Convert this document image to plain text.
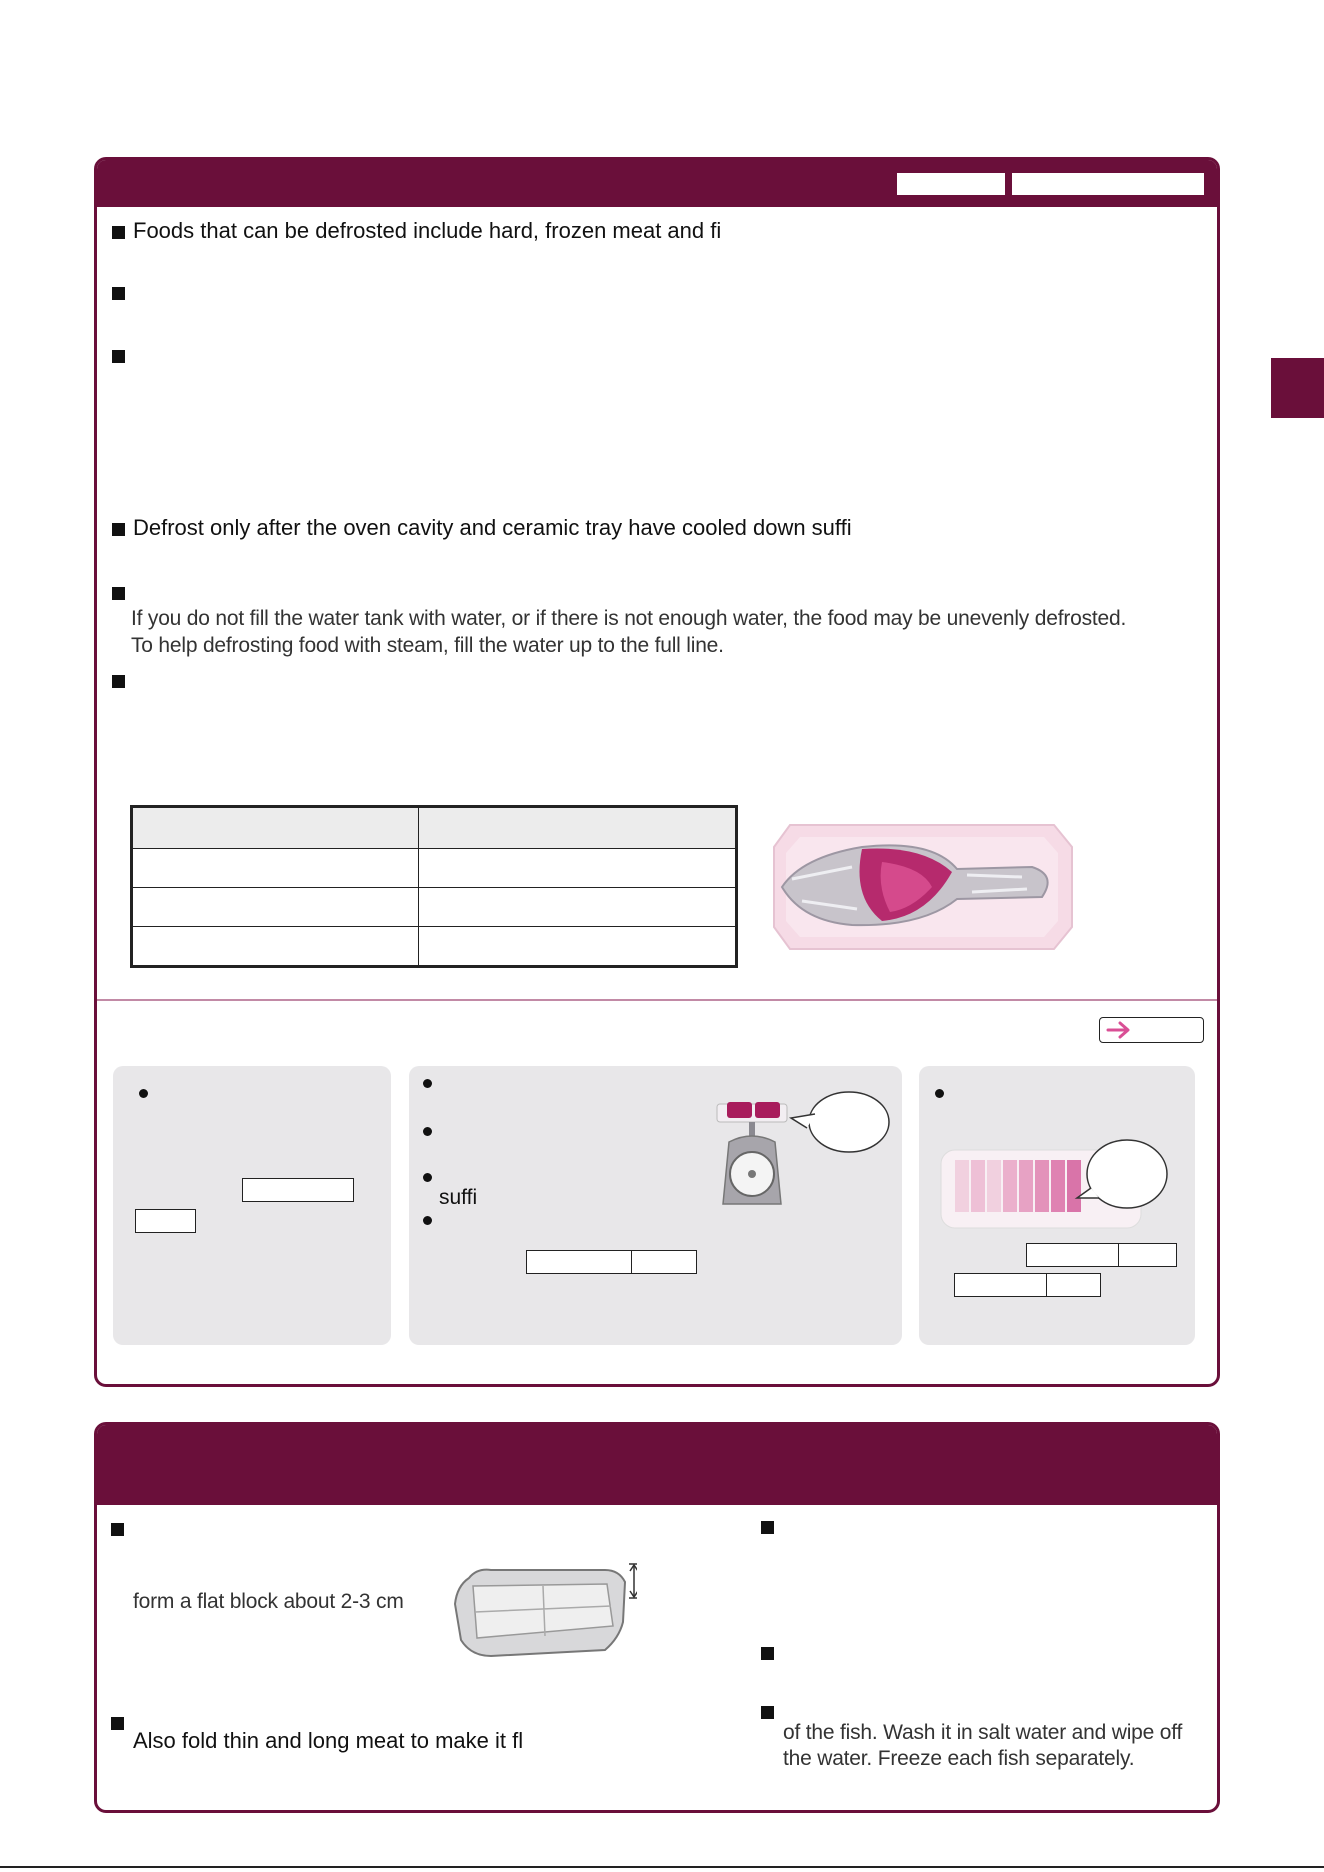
Foods that can be defrosted include hard, frozen meat and fi
Defrost only after the oven cavity and ceramic tray have cooled down suffi
If you do not fill the water tank with water, or if there is not enough water, the food may be unevenly defrosted.
To help defrosting food with steam, fill the water up to the full line.

suffi
form a flat block about 2-3 cm
Also fold thin and long meat to make it fl	of the fish. Wash it in salt water and wipe off
the water. Freeze each fish separately.
